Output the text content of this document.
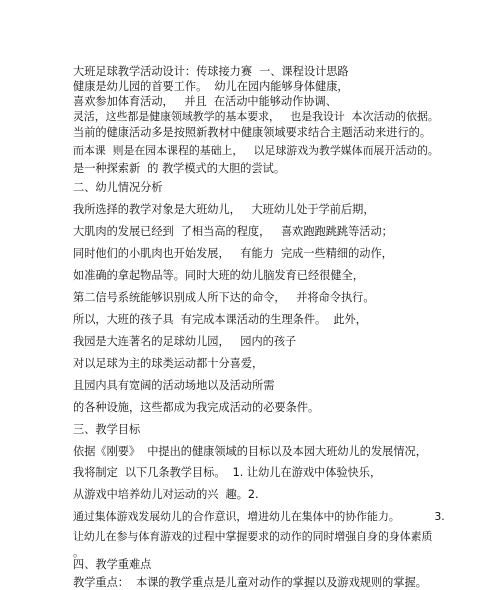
大班足球教学活动设计：传球接力赛  一、课程设计思路
健康是幼儿园的首要工作。  幼儿在园内能够身体健康，
喜欢参加体育活动，   并且  在活动中能够动作协调、
灵活，这些都是健康领域教学的基本要求，   也是我设计  本次活动的依据。
当前的健康活动多是按照新教材中健康领域要求结合主题活动来进行的。
而本课  则是在园本课程的基础上，   以足球游戏为教学媒体而展开活动的。
是一种探索新  的 教学模式的大胆的尝试。
二、幼儿情况分析
我所选择的教学对象是大班幼儿，   大班幼儿处于学前后期，
大肌肉的发展已经到  了相当高的程度，   喜欢跑跑跳跳等活动；
同时他们的小肌肉也开始发展，   有能力  完成一些精细的动作，
如准确的拿起物品等。同时大班的幼儿脑发育已经很健全，
第二信号系统能够识别成人所下达的命令，   并将命令执行。
所以，大班的孩子具  有完成本课活动的生理条件。  此外，
我园是大连著名的足球幼儿园，   园内的孩子
对以足球为主的球类运动都十分喜爱，
且园内具有宽阔的活动场地以及活动所需
的各种设施，这些都成为我完成活动的必要条件。
三、教学目标
依据《刚要》  中提出的健康领域的目标以及本园大班幼儿的发展情况，
我将制定  以下几条教学目标。  1. 让幼儿在游戏中体验快乐，
从游戏中培养幼儿对运动的兴  趣。2.
通过集体游戏发展幼儿的合作意识，增进幼儿在集体中的协作能力。          3.
让幼儿在参与体育游戏的过程中掌握要求的动作的同时增强自身的身体素质
。
四、教学重难点
教学重点：  本课的教学重点是儿童对动作的掌握以及游戏规则的掌握。
